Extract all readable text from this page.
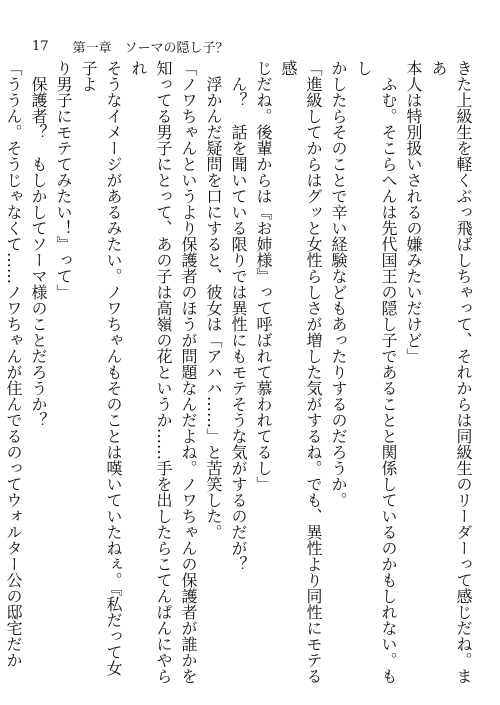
17 第一章　ソーマの隠し子？

きた上級生を軽くぶっ飛ばしちゃって、それからは同級生のリーダーって感じだね。まあ

本人は特別扱いされるの嫌みたいだけど」

　ふむ。そこらへんは先代国王の隠し子であることと関係しているのかもしれない。もし

かしたらそのことで辛い経験などもあったりするのだろうか。

「進級してからはグッと女性らしさが増した気がするね。でも、異性より同性にモテる感

じだね。後輩からは『お姉様』って呼ばれて慕われてるし」

　ん？　話を聞いている限りでは異性にもモテそうな気がするのだが？

　浮かんだ疑問を口にすると、彼女は「アハハ……」と苦笑した。

「ノワちゃんというより保護者のほうが問題なんだよね。ノワちゃんの保護者が誰かを

知ってる男子にとって、あの子は高嶺の花というか……手を出したらこてんぱんにやられ

そうなイメージがあるみたい。ノワちゃんもそのことは嘆いていたねぇ。『私だって女子よ

り男子にモテてみたい！』って」

　保護者？　もしかしてソーマ様のことだろうか？

「ううん。そうじゃなくて……ノワちゃんが住んでるのってウォルター公の邸宅だか
